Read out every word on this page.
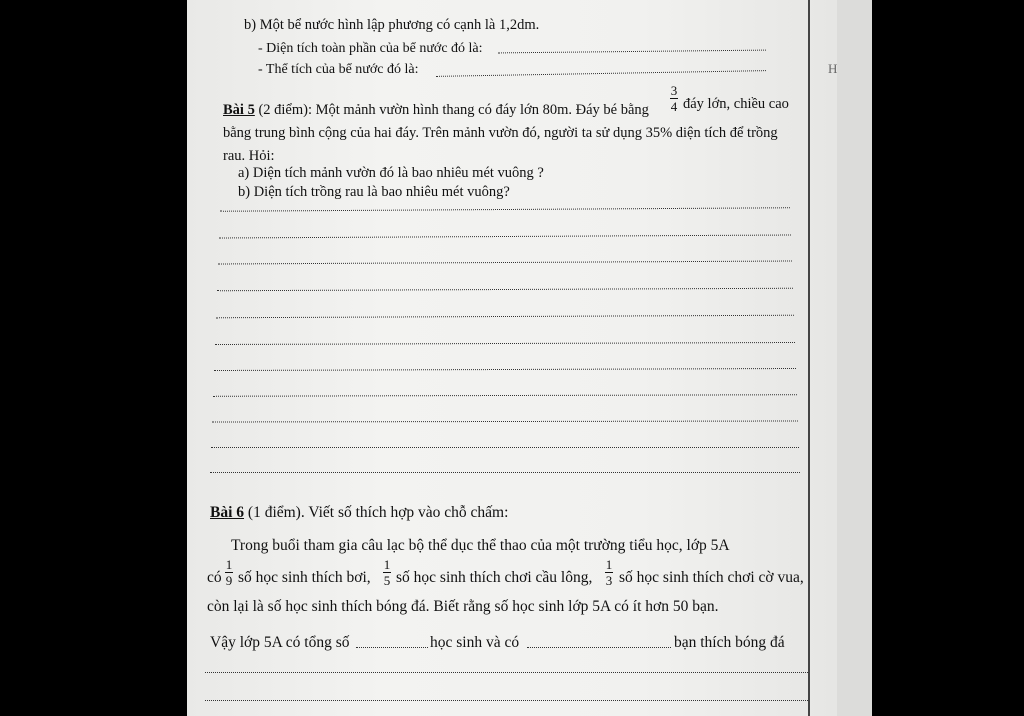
H
b) Một bể nước hình lập phương có cạnh là 1,2dm.
- Diện tích toàn phần của bể nước đó là:
- Thể tích của bể nước đó là:
Bài 5 (2 điểm): Một mảnh vườn hình thang có đáy lớn 80m. Đáy bé bằng
3
4 đáy lớn, chiều cao
bằng trung bình cộng của hai đáy. Trên mảnh vườn đó, người ta sử dụng 35% diện tích để trồng
rau. Hỏi:
a) Diện tích mảnh vườn đó là bao nhiêu mét vuông ?
b) Diện tích trồng rau là bao nhiêu mét vuông?
Bài 6 (1 điểm). Viết số thích hợp vào chỗ chấm:
Trong buổi tham gia câu lạc bộ thể dục thể thao của một trường tiểu học, lớp 5A
có
1
9 số học sinh thích bơi,
1
5 số học sinh thích chơi cầu lông,
1
3 số học sinh thích chơi cờ vua,
còn lại là số học sinh thích bóng đá. Biết rằng số học sinh lớp 5A có ít hơn 50 bạn.
Vậy lớp 5A có tổng số	học sinh và có	bạn thích bóng đá
